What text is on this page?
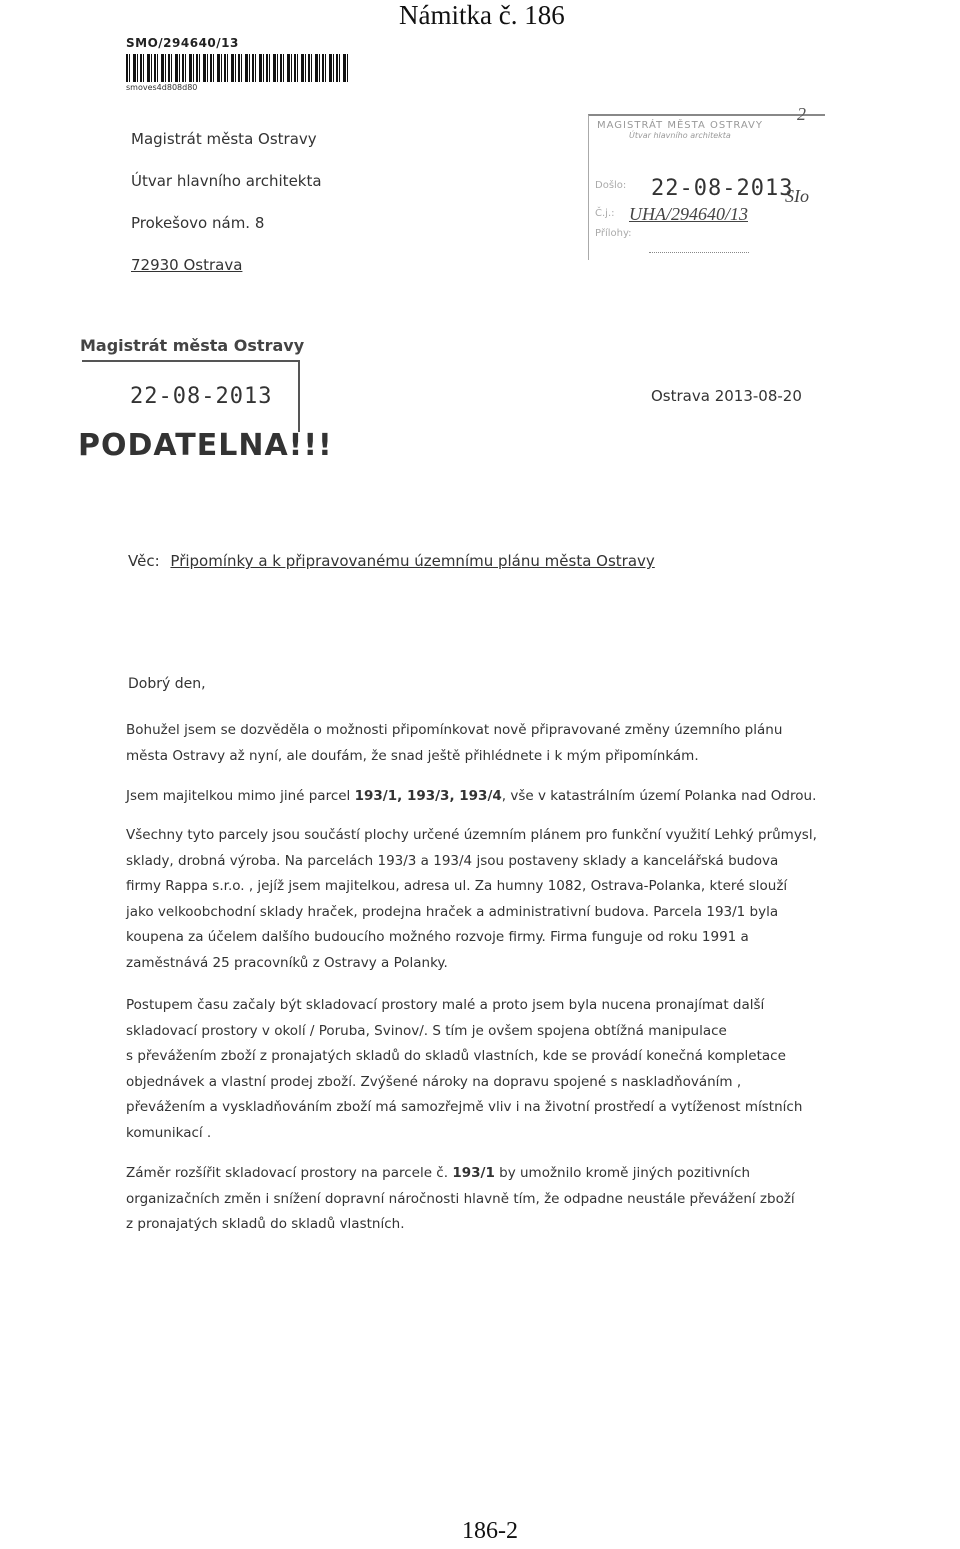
Námitka č. 186
SMO/294640/13
smoves4d808d80
Magistrát města Ostravy
Útvar hlavního architekta
Prokešovo nám. 8
72930 Ostrava
MAGISTRÁT MĚSTA OSTRAVY
Útvar hlavního architekta
Došlo:
Č.j.:
Přílohy:
22-08-2013
UHA/294640/13
SIo
2
Magistrát města Ostravy
22-08-2013
PODATELNA!!!
Ostrava 2013-08-20
Věc: Připomínky a k připravovanému územnímu plánu města Ostravy
Dobrý den,

Bohužel jsem se dozvěděla o možnosti připomínkovat nově připravované změny územního plánu
města Ostravy až nyní, ale doufám, že snad ještě přihlédnete i k mým připomínkám.

Jsem majitelkou mimo jiné parcel 193/1, 193/3, 193/4, vše v katastrálním území Polanka nad Odrou.

Všechny tyto parcely jsou součástí plochy určené územním plánem pro funkční využití Lehký průmysl,
sklady, drobná výroba. Na parcelách 193/3 a 193/4 jsou postaveny sklady a kancelářská budova
firmy Rappa s.r.o. , jejíž jsem majitelkou, adresa ul. Za humny 1082, Ostrava-Polanka, které slouží
jako velkoobchodní sklady hraček, prodejna hraček a administrativní budova. Parcela 193/1 byla
koupena za účelem dalšího budoucího možného rozvoje firmy. Firma funguje od roku 1991 a
zaměstnává 25 pracovníků z Ostravy a Polanky.

Postupem času začaly být skladovací prostory malé a proto jsem byla nucena pronajímat další
skladovací prostory v okolí / Poruba, Svinov/. S tím je ovšem spojena obtížná manipulace
s převážením zboží z pronajatých skladů do skladů vlastních, kde se provádí konečná kompletace
objednávek a vlastní prodej zboží. Zvýšené nároky na dopravu spojené s naskladňováním ,
převážením a vyskladňováním zboží má samozřejmě vliv i na životní prostředí a vytíženost místních
komunikací .

Záměr rozšířit skladovací prostory na parcele č. 193/1 by umožnilo kromě jiných pozitivních
organizačních změn i snížení dopravní náročnosti hlavně tím, že odpadne neustále převážení zboží
z pronajatých skladů do skladů vlastních.

186-2
